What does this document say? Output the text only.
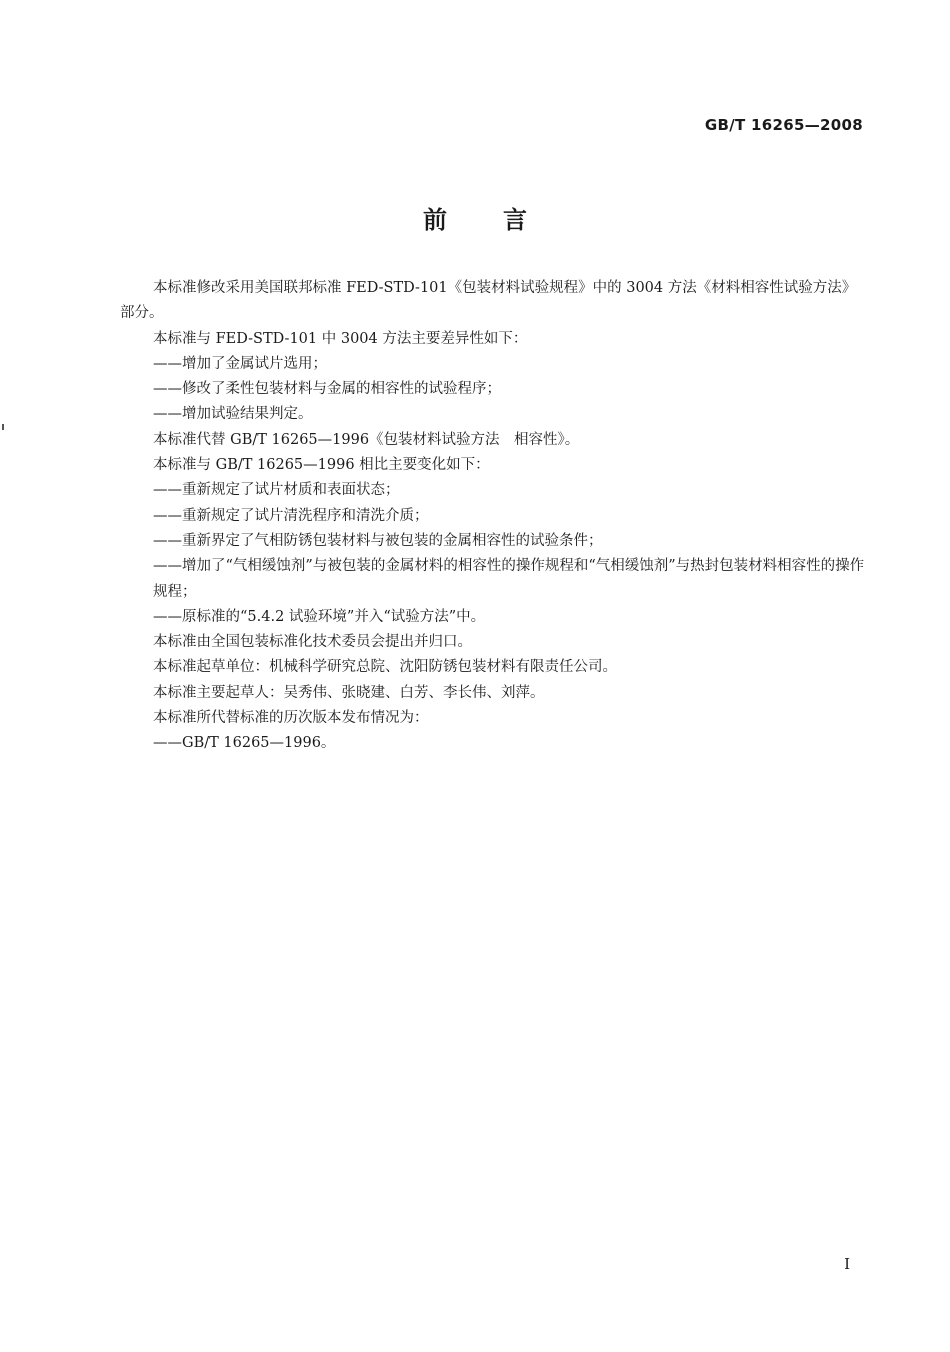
GB/T 16265—2008
前言

本标准修改采用美国联邦标准 FED-STD-101《包装材料试验规程》中的 3004 方法《材料相容性试验方法》部分。

本标准与 FED-STD-101 中 3004 方法主要差异性如下：

——增加了金属试片选用；

——修改了柔性包装材料与金属的相容性的试验程序；

——增加试验结果判定。

本标准代替 GB/T 16265—1996《包装材料试验方法　相容性》。

本标准与 GB/T 16265—1996 相比主要变化如下：

——重新规定了试片材质和表面状态；

——重新规定了试片清洗程序和清洗介质；

——重新界定了气相防锈包装材料与被包装的金属相容性的试验条件；

——增加了“气相缓蚀剂”与被包装的金属材料的相容性的操作规程和“气相缓蚀剂”与热封包装材料相容性的操作规程；

——原标准的“5.4.2 试验环境”并入“试验方法”中。

本标准由全国包装标准化技术委员会提出并归口。

本标准起草单位：机械科学研究总院、沈阳防锈包装材料有限责任公司。

本标准主要起草人：吴秀伟、张晓建、白芳、李长伟、刘萍。

本标准所代替标准的历次版本发布情况为：

——GB/T 16265—1996。

I
